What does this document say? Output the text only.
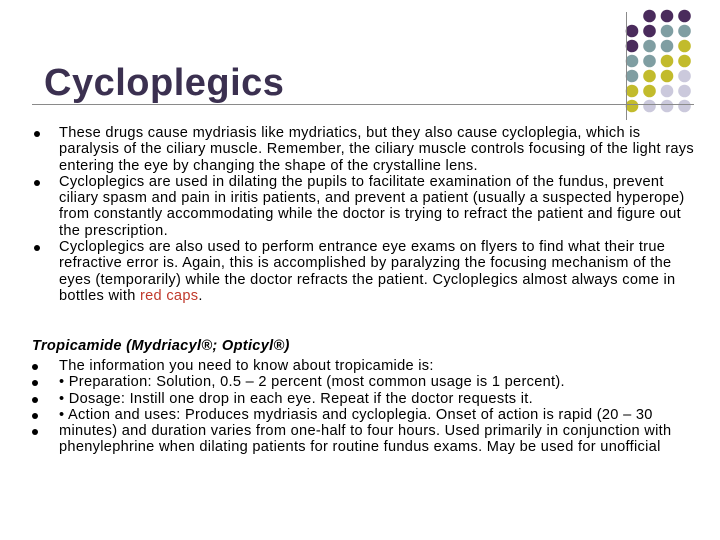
Cycloplegics
These drugs cause mydriasis like mydriatics, but they also cause cycloplegia, which is paralysis of the ciliary muscle. Remember, the ciliary muscle controls focusing of the light rays entering the eye by changing the shape of the crystalline lens.
Cycloplegics are used in dilating the pupils to facilitate examination of the fundus, prevent ciliary spasm and pain in iritis patients, and prevent a patient (usually a suspected hyperope) from constantly accommodating while the doctor is trying to refract the patient and figure out the prescription.
Cycloplegics are also used to perform entrance eye exams on flyers to find what their true refractive error is. Again, this is accomplished by paralyzing the focusing mechanism of the eyes (temporarily) while the doctor refracts the patient. Cycloplegics almost always come in bottles with red caps.

Tropicamide (Mydriacyl®; Opticyl®)

The information you need to know about tropicamide is:
• Preparation: Solution, 0.5 – 2 percent (most common usage is 1 percent).
• Dosage: Instill one drop in each eye. Repeat if the doctor requests it.
• Action and uses: Produces mydriasis and cycloplegia. Onset of action is rapid (20 – 30
minutes) and duration varies from one-half to four hours. Used primarily in conjunction with phenylephrine when dilating patients for routine fundus exams. May be used for unofficial
